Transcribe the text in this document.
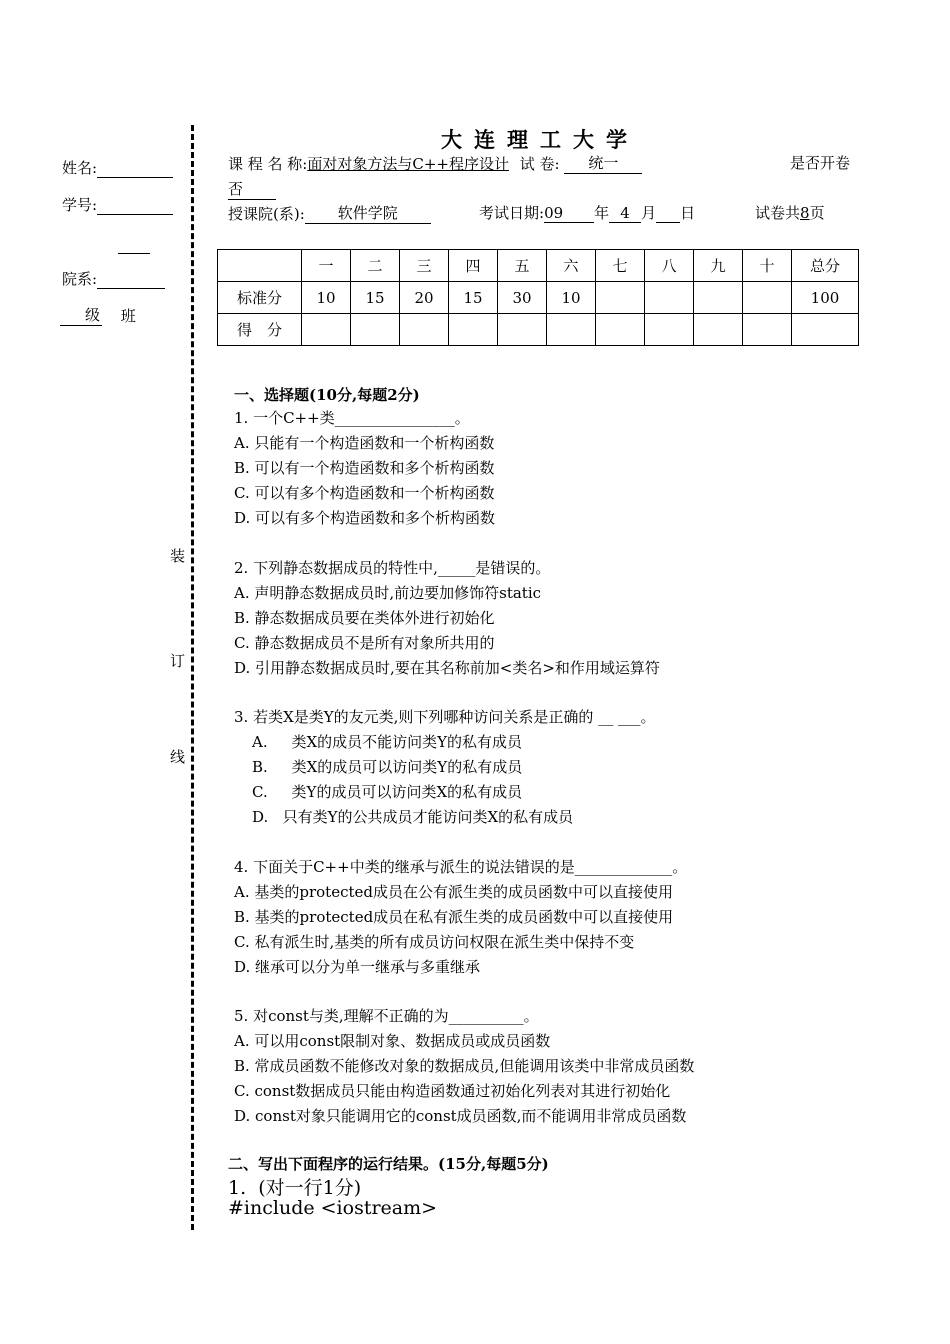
姓名:
学号:
院系:
级 班
装
订
线
大连理工大学
课 程 名 称:面对对象方法与C++程序设计 试 卷: 统一	是否开卷
否
授课院(系): 软件学院	考试日期:09 年 4 月 日	试卷共8页
	一	二	三	四	五	六	七	八	九	十	总分
标准分	10	15	20	15	30	10					100
得　分											
一、选择题(10分,每题2分)
1. 一个C++类________________。
A. 只能有一个构造函数和一个析构函数
B. 可以有一个构造函数和多个析构函数
C. 可以有多个构造函数和一个析构函数
D. 可以有多个构造函数和多个析构函数
2. 下列静态数据成员的特性中,_____是错误的。
A. 声明静态数据成员时,前边要加修饰符static
B. 静态数据成员要在类体外进行初始化
C. 静态数据成员不是所有对象所共用的
D. 引用静态数据成员时,要在其名称前加<类名>和作用域运算符
3. 若类X是类Y的友元类,则下列哪种访问关系是正确的 __ ___。
A.     类X的成员不能访问类Y的私有成员
B.     类X的成员可以访问类Y的私有成员
C.     类Y的成员可以访问类X的私有成员
D.   只有类Y的公共成员才能访问类X的私有成员
4. 下面关于C++中类的继承与派生的说法错误的是_____________。
A. 基类的protected成员在公有派生类的成员函数中可以直接使用
B. 基类的protected成员在私有派生类的成员函数中可以直接使用
C. 私有派生时,基类的所有成员访问权限在派生类中保持不变
D. 继承可以分为单一继承与多重继承
5. 对const与类,理解不正确的为__________。
A. 可以用const限制对象、数据成员或成员函数
B. 常成员函数不能修改对象的数据成员,但能调用该类中非常成员函数
C. const数据成员只能由构造函数通过初始化列表对其进行初始化
D. const对象只能调用它的const成员函数,而不能调用非常成员函数
二、写出下面程序的运行结果。(15分,每题5分)
1.  (对一行1分)
#include <iostream>
